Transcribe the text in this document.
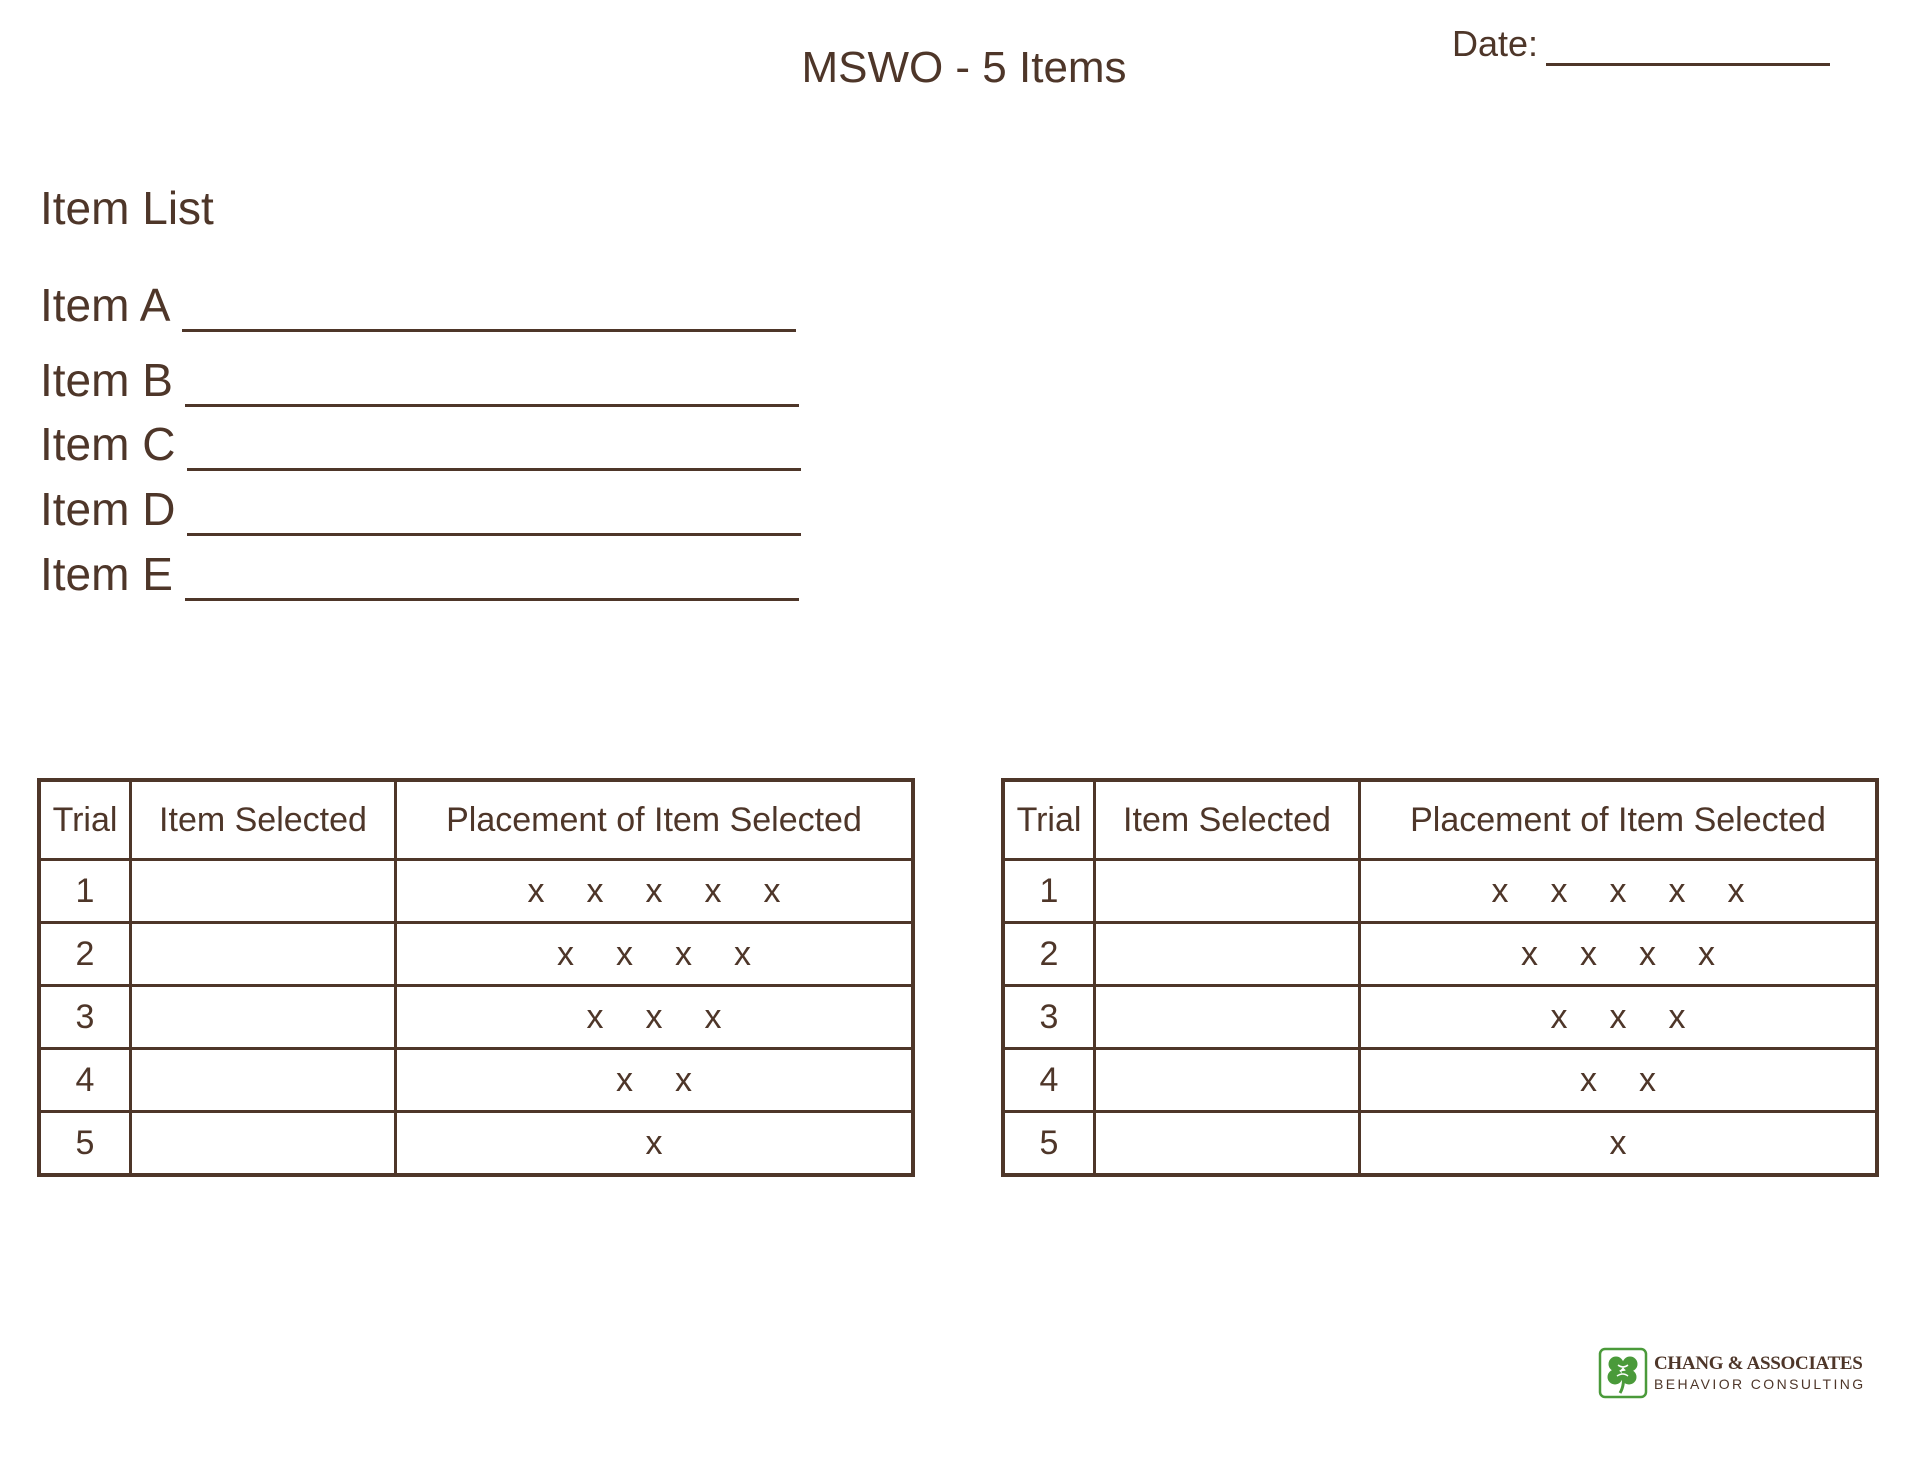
MSWO - 5 Items	Date:
Item List
Item A
Item B
Item C
Item D
Item E
Trial	Item Selected	Placement of Item Selected
1		x x x x x
2		x x x x
3		x x x
4		x x
5		x
Trial	Item Selected	Placement of Item Selected
1		x x x x x
2		x x x x
3		x x x
4		x x
5		x
CHANG & ASSOCIATES
BEHAVIOR CONSULTING
